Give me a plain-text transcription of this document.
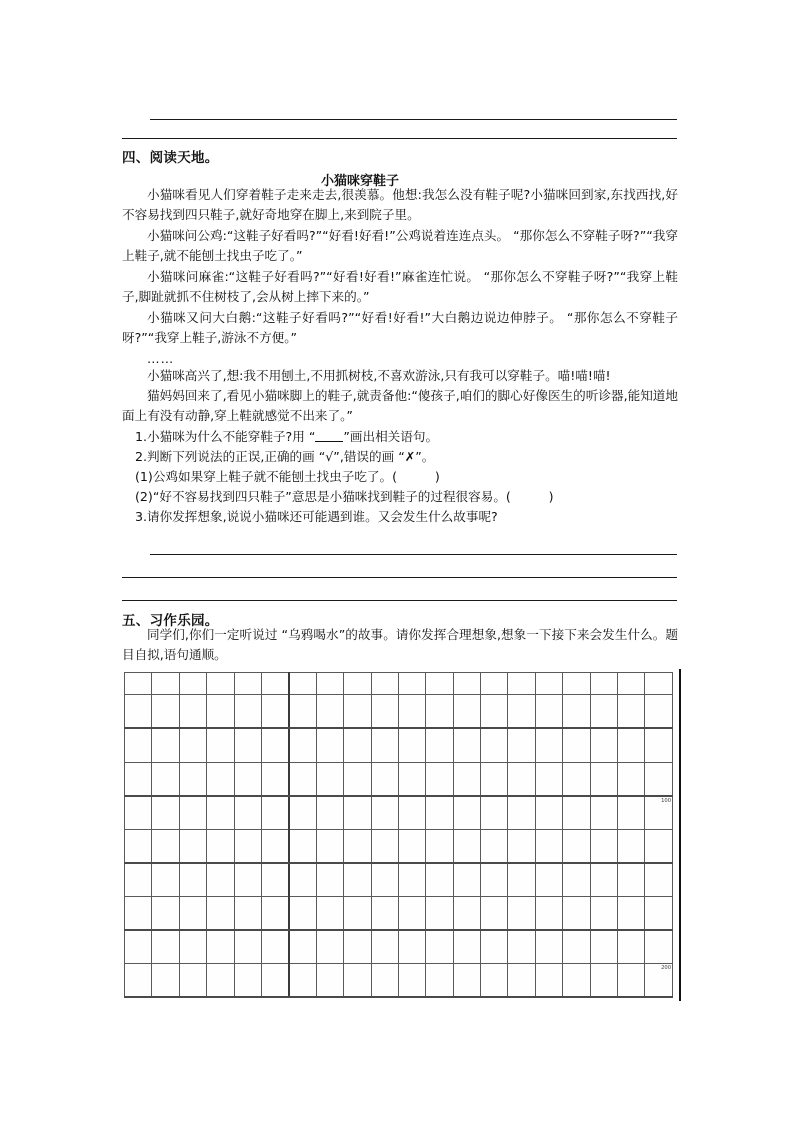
四、阅读天地。
小猫咪穿鞋子
小猫咪看见人们穿着鞋子走来走去,很羡慕。他想:我怎么没有鞋子呢?小猫咪回到家,东找西找,好不容易找到四只鞋子,就好奇地穿在脚上,来到院子里。
小猫咪问公鸡:“这鞋子好看吗?”“好看!好看!”公鸡说着连连点头。 “那你怎么不穿鞋子呀?”“我穿上鞋子,就不能刨土找虫子吃了。”
小猫咪问麻雀:“这鞋子好看吗?”“好看!好看!”麻雀连忙说。 “那你怎么不穿鞋子呀?”“我穿上鞋子,脚趾就抓不住树枝了,会从树上摔下来的。”
小猫咪又问大白鹅:“这鞋子好看吗?”“好看!好看!”大白鹅边说边伸脖子。 “那你怎么不穿鞋子呀?”“我穿上鞋子,游泳不方便。”
……
小猫咪高兴了,想:我不用刨土,不用抓树枝,不喜欢游泳,只有我可以穿鞋子。喵!喵!喵!
猫妈妈回来了,看见小猫咪脚上的鞋子,就责备他:“傻孩子,咱们的脚心好像医生的听诊器,能知道地面上有没有动静,穿上鞋就感觉不出来了。”
1.小猫咪为什么不能穿鞋子?用 “ ”画出相关语句。
2.判断下列说法的正误,正确的画 “√”,错误的画 “✗”。
(1)公鸡如果穿上鞋子就不能刨土找虫子吃了。(　　　)
(2)“好不容易找到四只鞋子”意思是小猫咪找到鞋子的过程很容易。(　　　)
3.请你发挥想象,说说小猫咪还可能遇到谁。又会发生什么故事呢?
五、习作乐园。
同学们,你们一定听说过 “乌鸦喝水”的故事。请你发挥合理想象,想象一下接下来会发生什么。题目自拟,语句通顺。

																			100

																			200
